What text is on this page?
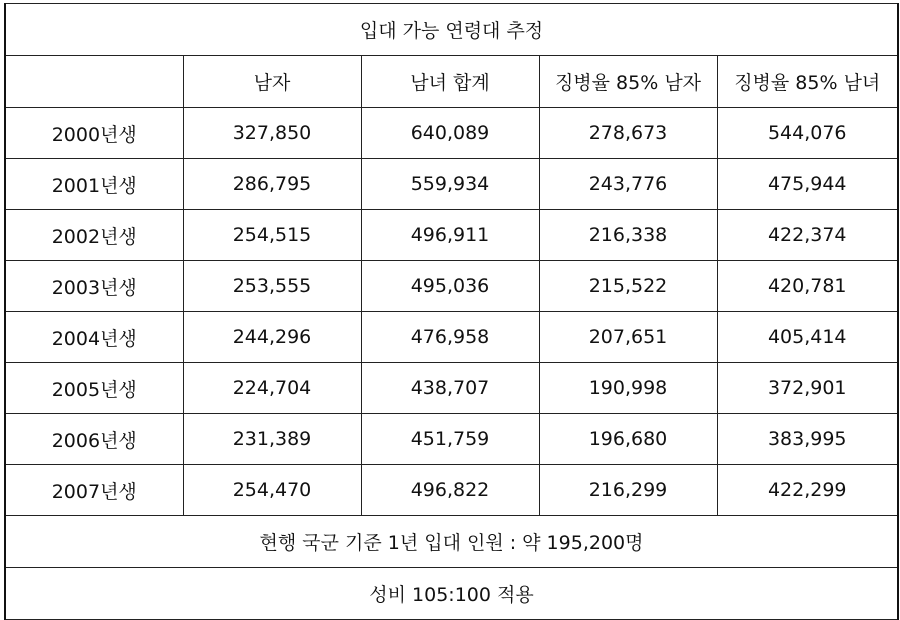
입대 가능 연령대 추정				
	남자	남녀 합계	징병율 85% 남자	징병율 85% 남녀
2000년생	327,850	640,089	278,673	544,076
2001년생	286,795	559,934	243,776	475,944
2002년생	254,515	496,911	216,338	422,374
2003년생	253,555	495,036	215,522	420,781
2004년생	244,296	476,958	207,651	405,414
2005년생	224,704	438,707	190,998	372,901
2006년생	231,389	451,759	196,680	383,995
2007년생	254,470	496,822	216,299	422,299
현행 국군 기준 1년 입대 인원 : 약 195,200명				
성비 105:100 적용				
